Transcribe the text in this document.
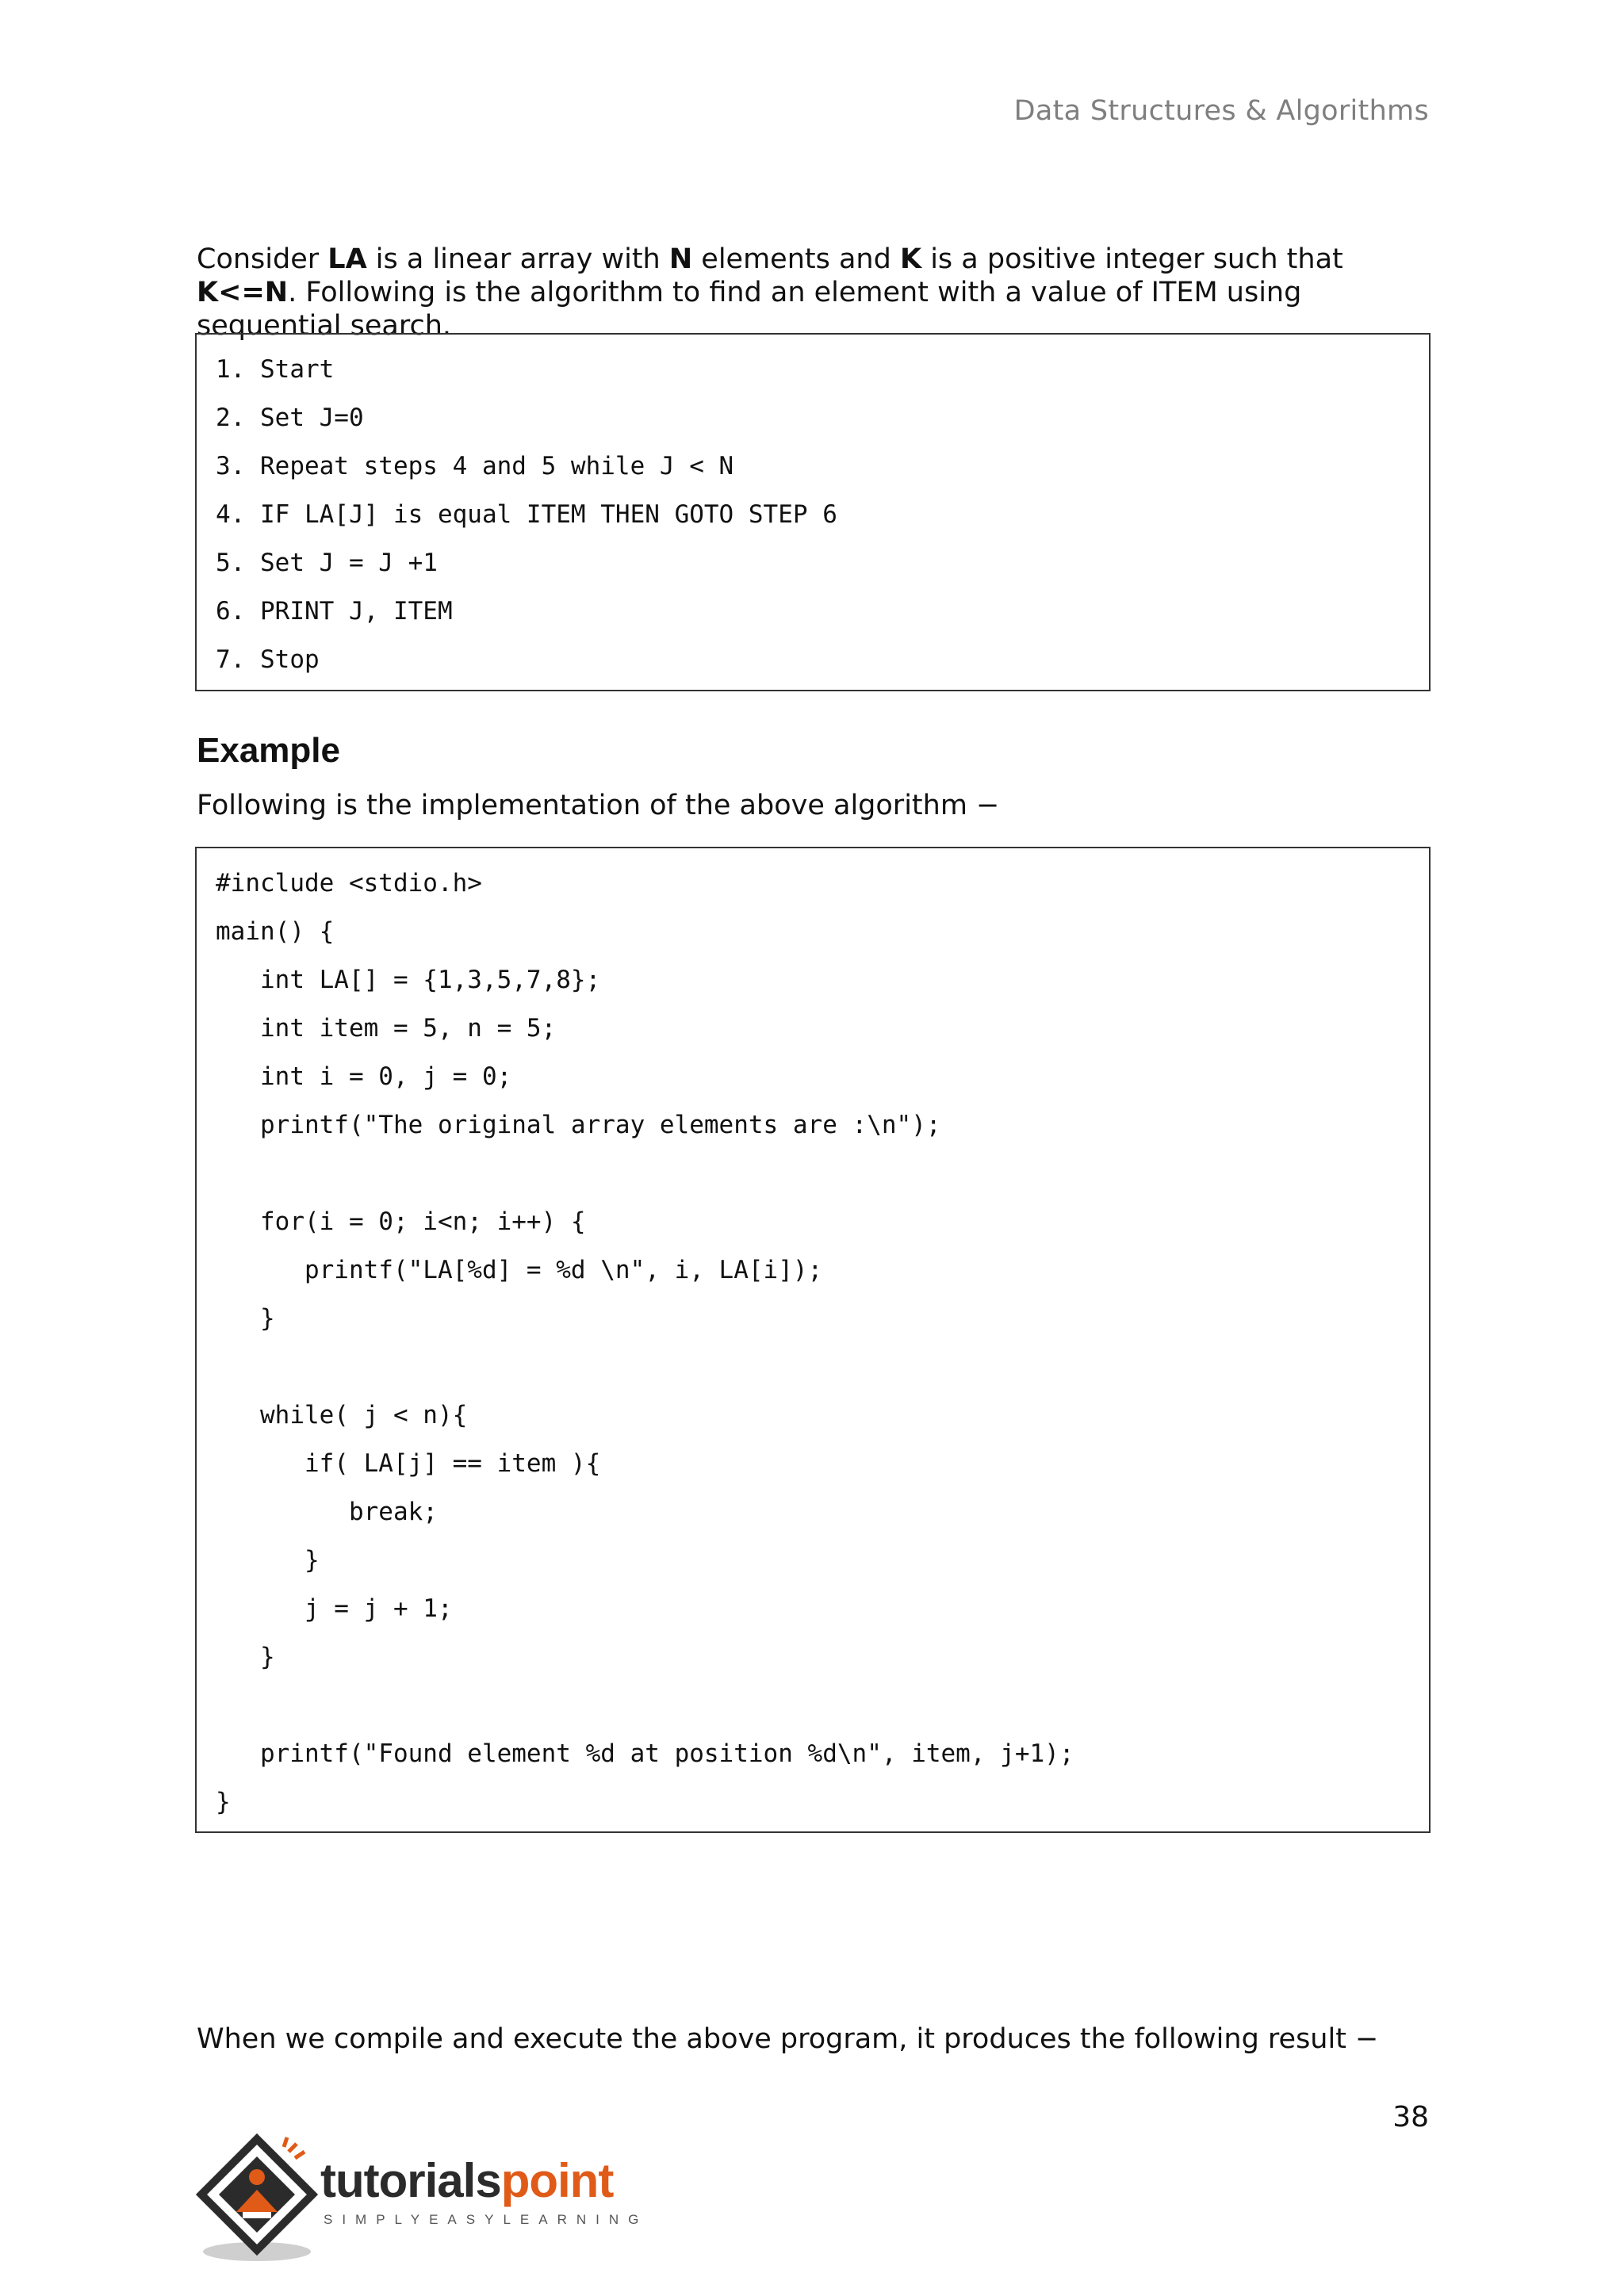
Data Structures & Algorithms
Consider LA is a linear array with N elements and K is a positive integer such that K<=N. Following is the algorithm to find an element with a value of ITEM using sequential search.
1. Start
2. Set J=0
3. Repeat steps 4 and 5 while J < N
4. IF LA[J] is equal ITEM THEN GOTO STEP 6
5. Set J = J +1
6. PRINT J, ITEM
7. Stop
Example
Following is the implementation of the above algorithm −
#include <stdio.h>
main() {
int LA[] = {1,3,5,7,8};
int item = 5, n = 5;
int i = 0, j = 0;
printf("The original array elements are :\n");
for(i = 0; i<n; i++) {
printf("LA[%d] = %d \n", i, LA[i]);
}
while( j < n){
if( LA[j] == item ){
break;
}
j = j + 1;
}
printf("Found element %d at position %d\n", item, j+1);
}
When we compile and execute the above program, it produces the following result −
38
tutorialspoint
SIMPLYEASYLEARNING
